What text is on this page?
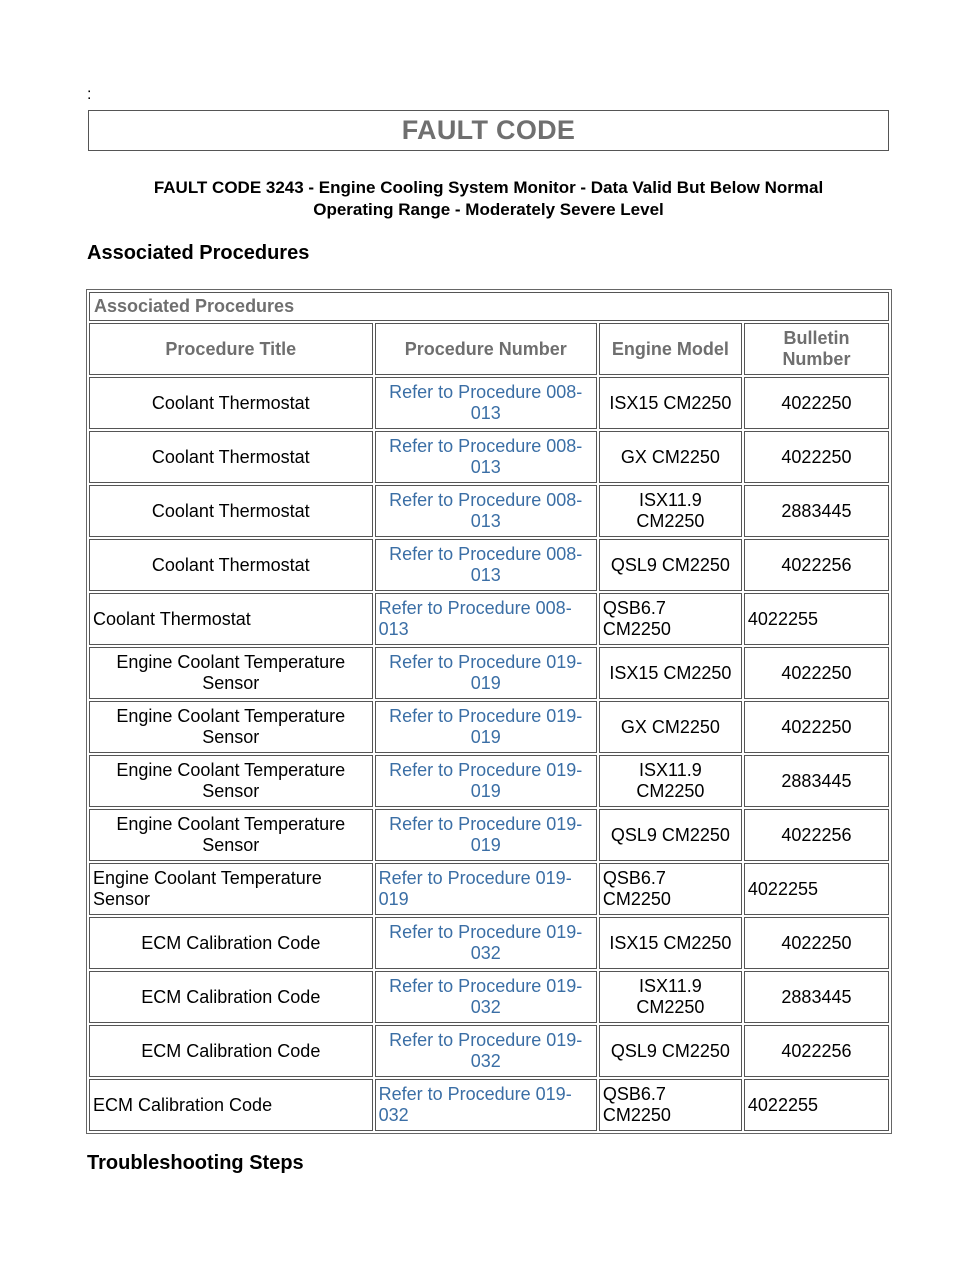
:
FAULT CODE
FAULT CODE 3243 - Engine Cooling System Monitor - Data Valid But Below Normal
Operating Range - Moderately Severe Level
Associated Procedures
Associated Procedures			
Procedure Title	Procedure Number	Engine Model	Bulletin Number
Coolant Thermostat	Refer to Procedure 008-013	ISX15 CM2250	4022250
Coolant Thermostat	Refer to Procedure 008-013	GX CM2250	4022250
Coolant Thermostat	Refer to Procedure 008-013	ISX11.9 CM2250	2883445
Coolant Thermostat	Refer to Procedure 008-013	QSL9 CM2250	4022256
Coolant Thermostat	Refer to Procedure 008-013	QSB6.7 CM2250	4022255
Engine Coolant Temperature Sensor	Refer to Procedure 019-019	ISX15 CM2250	4022250
Engine Coolant Temperature Sensor	Refer to Procedure 019-019	GX CM2250	4022250
Engine Coolant Temperature Sensor	Refer to Procedure 019-019	ISX11.9 CM2250	2883445
Engine Coolant Temperature Sensor	Refer to Procedure 019-019	QSL9 CM2250	4022256
Engine Coolant Temperature Sensor	Refer to Procedure 019-019	QSB6.7 CM2250	4022255
ECM Calibration Code	Refer to Procedure 019-032	ISX15 CM2250	4022250
ECM Calibration Code	Refer to Procedure 019-032	ISX11.9 CM2250	2883445
ECM Calibration Code	Refer to Procedure 019-032	QSL9 CM2250	4022256
ECM Calibration Code	Refer to Procedure 019-032	QSB6.7 CM2250	4022255
Troubleshooting Steps
